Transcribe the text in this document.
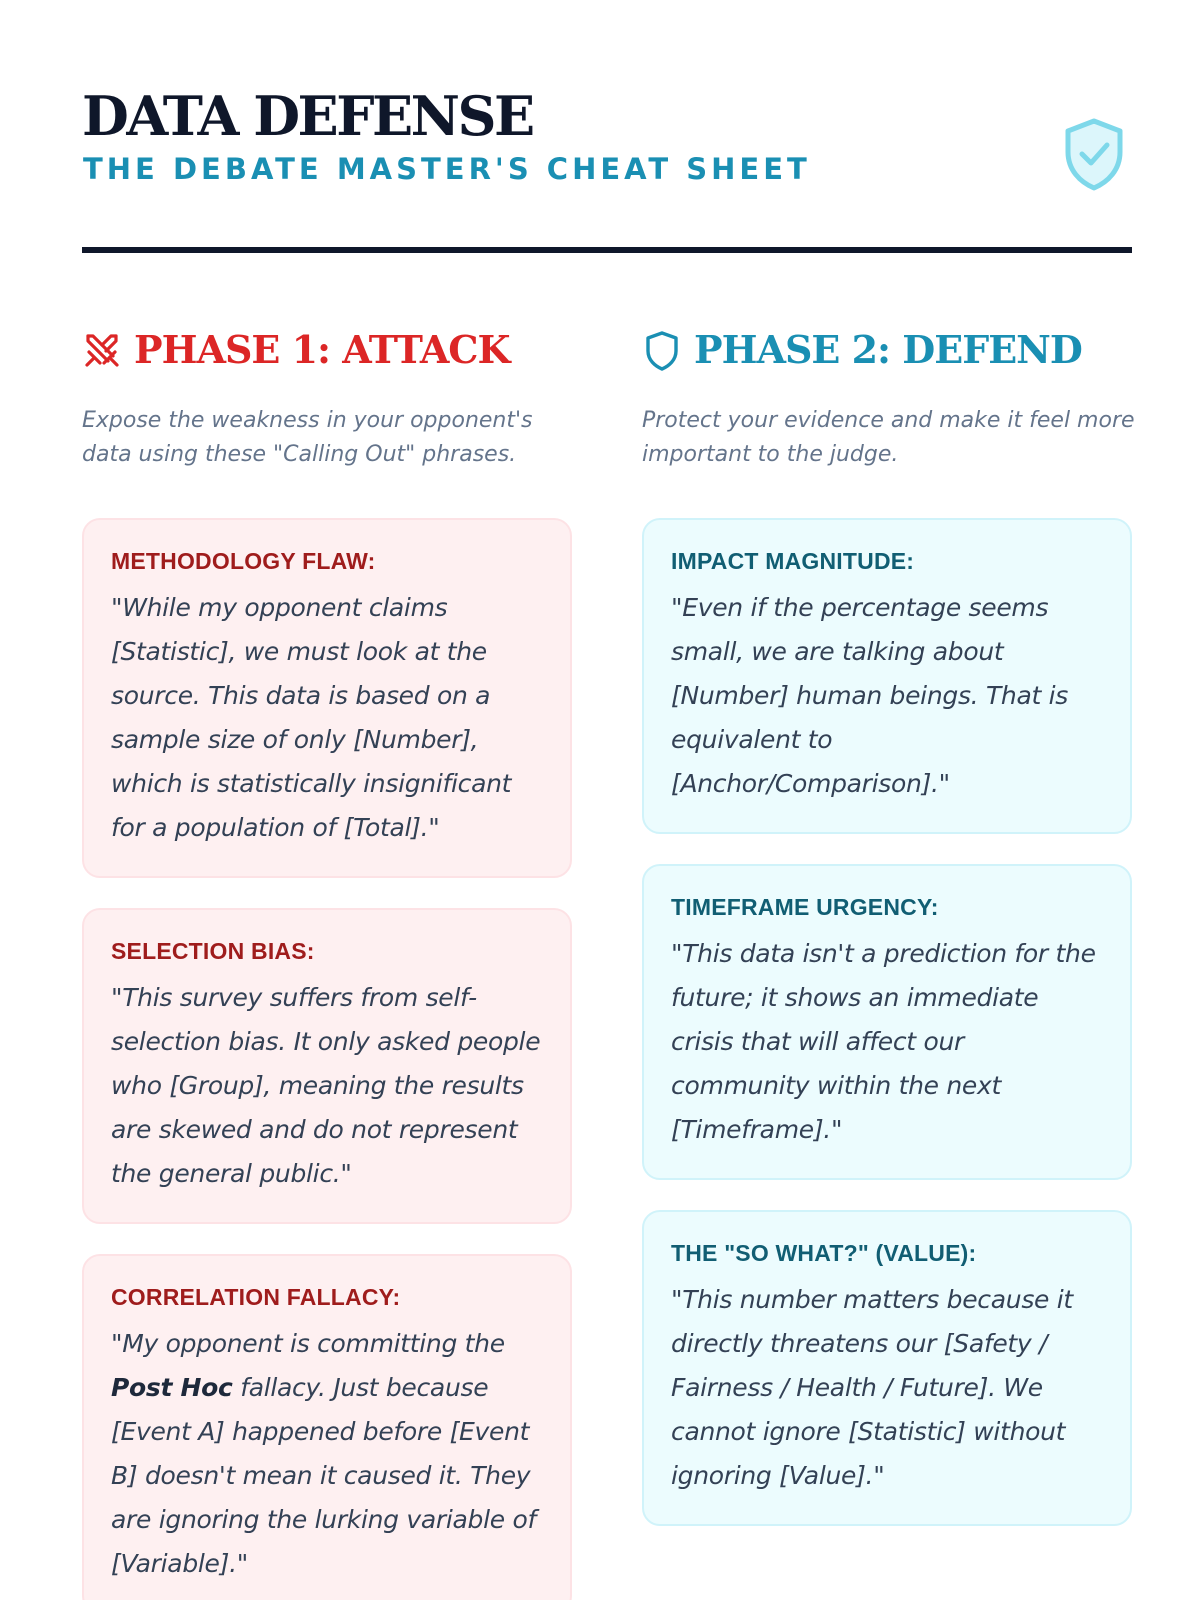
DATA DEFENSE
THE DEBATE MASTER'S CHEAT SHEET
PHASE 1: ATTACK

Expose the weakness in your opponent's data using these "Calling Out" phrases.

METHODOLOGY FLAW:

"While my opponent claims [Statistic], we must look at the source. This data is based on a sample size of only [Number], which is statistically insignificant for a population of [Total]."

SELECTION BIAS:

"This survey suffers from self-selection bias. It only asked people who [Group], meaning the results are skewed and do not represent the general public."

CORRELATION FALLACY:

"My opponent is committing the Post Hoc fallacy. Just because [Event A] happened before [Event B] doesn't mean it caused it. They are ignoring the lurking variable of [Variable]."

PHASE 2: DEFEND

Protect your evidence and make it feel more important to the judge.

IMPACT MAGNITUDE:

"Even if the percentage seems small, we are talking about [Number] human beings. That is equivalent to [Anchor/Comparison]."

TIMEFRAME URGENCY:

"This data isn't a prediction for the future; it shows an immediate crisis that will affect our community within the next [Timeframe]."

THE "SO WHAT?" (VALUE):

"This number matters because it directly threatens our [Safety / Fairness / Health / Future]. We cannot ignore [Statistic] without ignoring [Value]."
